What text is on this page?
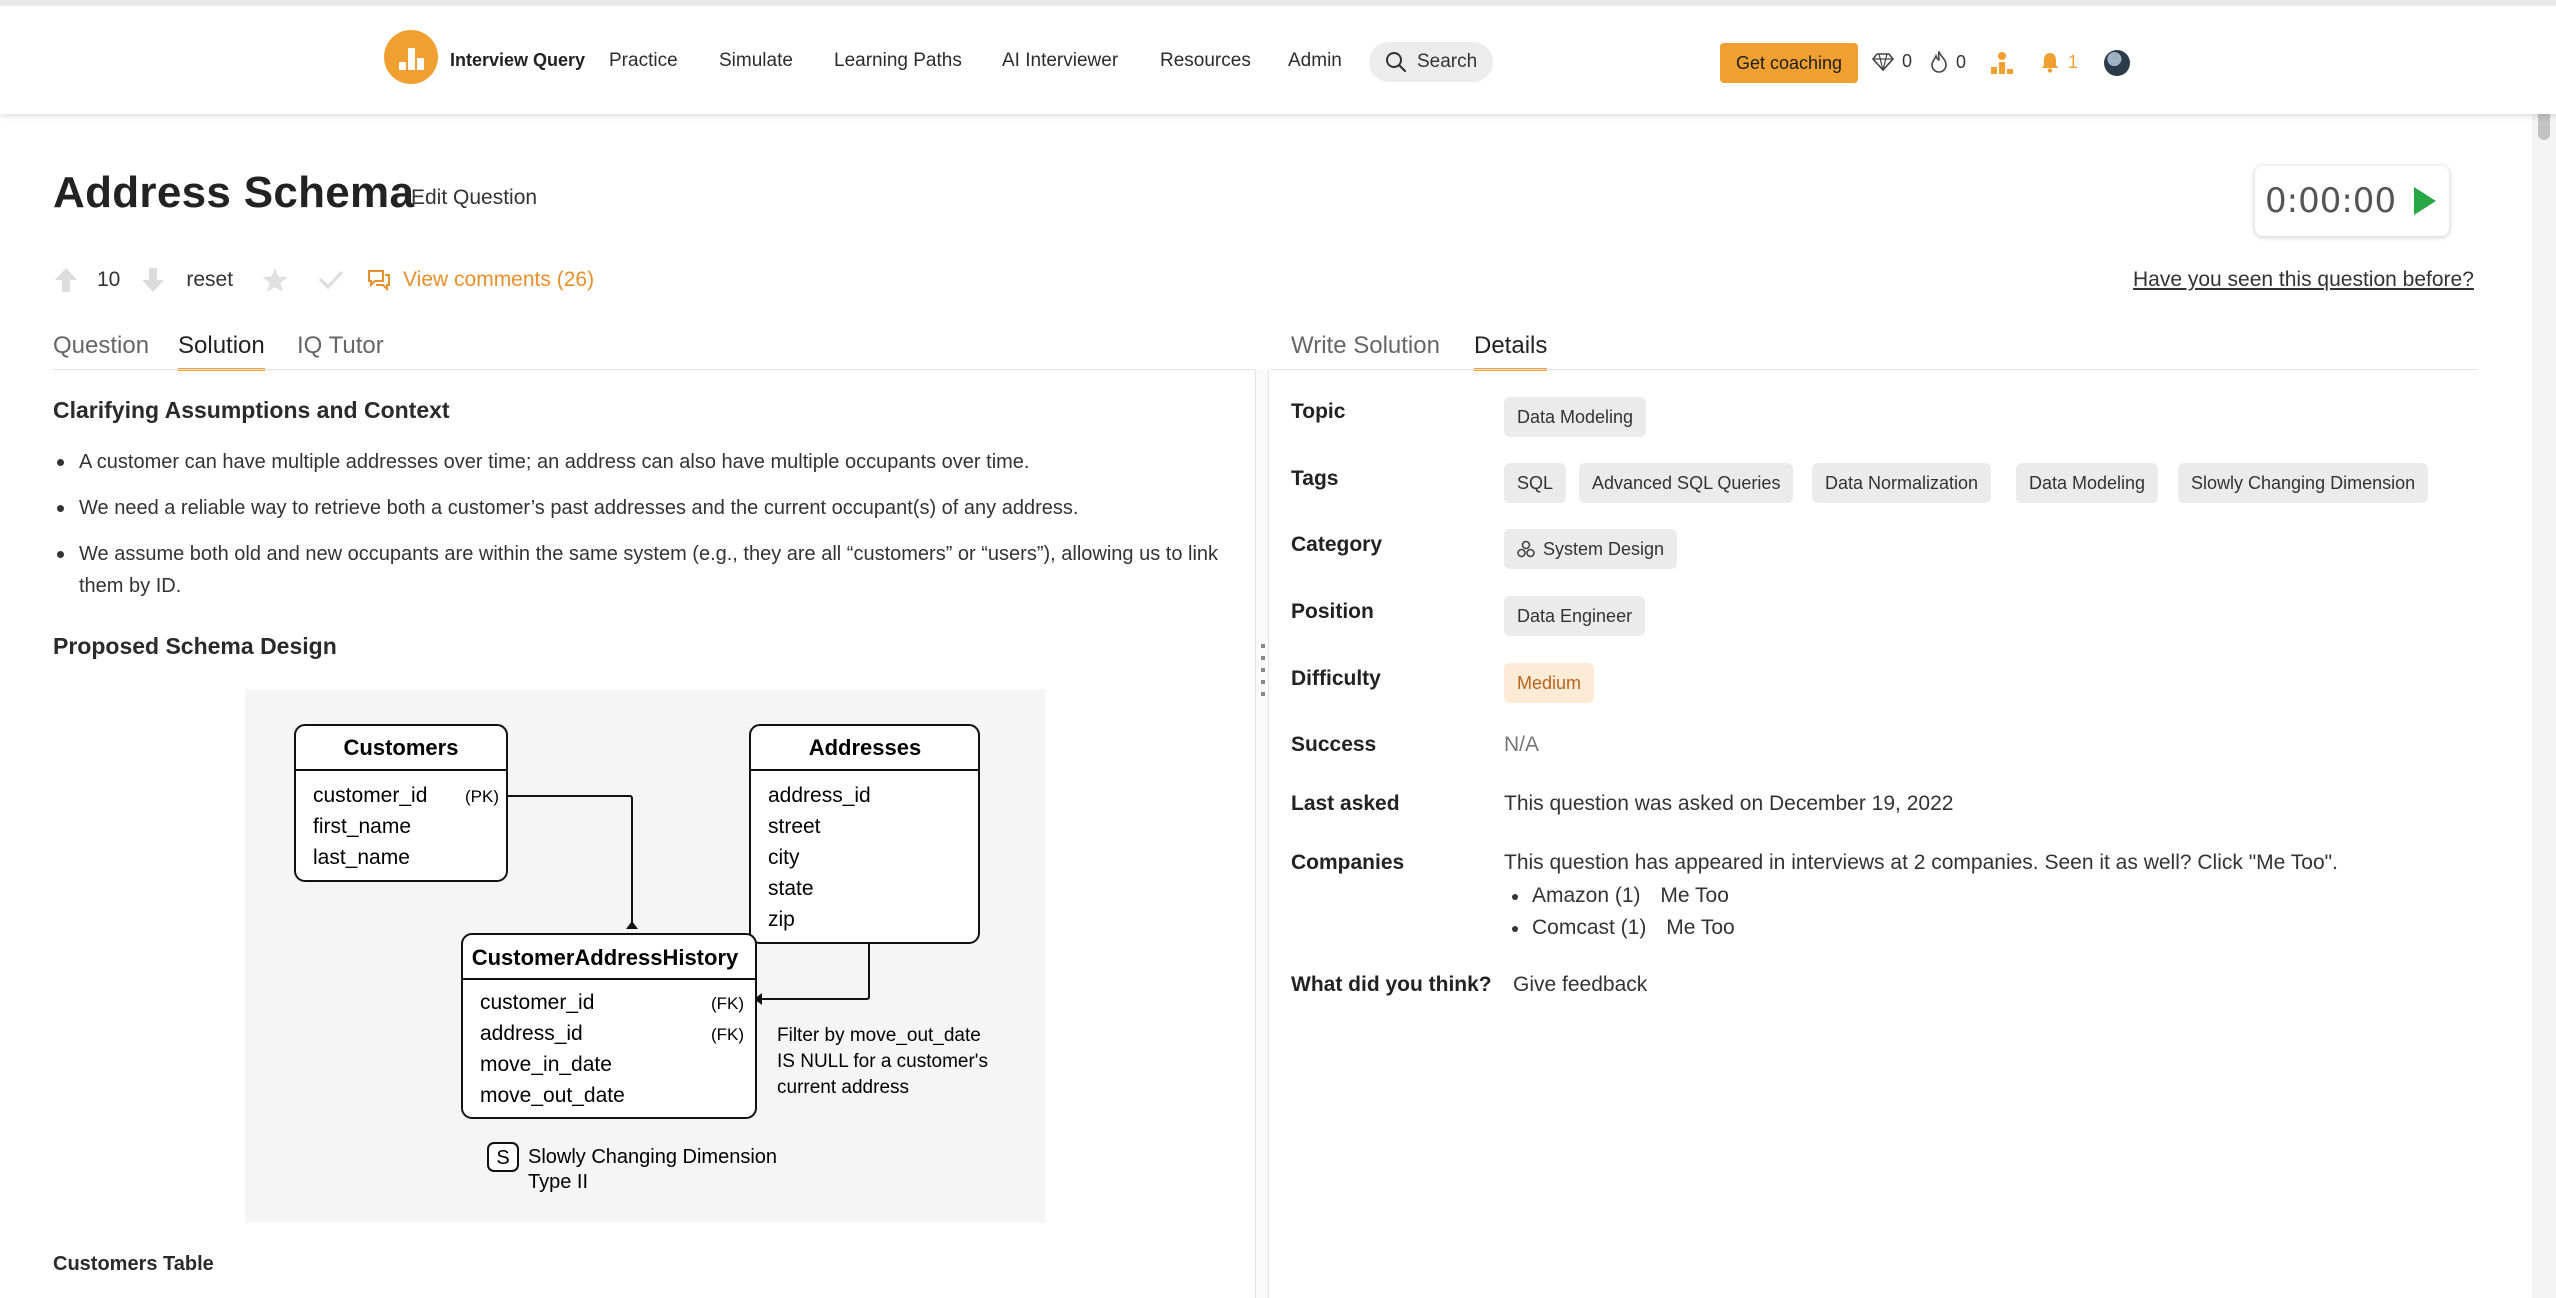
Interview Query Practice Simulate Learning Paths AI Interviewer Resources Admin	Search	Get coaching	0 0	1
Address Schema
Edit Question	0:00:00
10	reset	View comments (26)	Have you seen this question before?
Question Solution IQ Tutor	Write Solution Details
Clarifying Assumptions and Context
A customer can have multiple addresses over time; an address can also have multiple occupants over time.
We need a reliable way to retrieve both a customer’s past addresses and the current occupant(s) of any address.
We assume both old and new occupants are within the same system (e.g., they are all “customers” or “users”), allowing us to link them by ID.
Proposed Schema Design
Customers
customer_id (PK)
first_name
last_name
Addresses
address_id
street
city
state
zip
CustomerAddressHistory
customer_id	(FK)
address_id	(FK)
move_in_date
move_out_date
Filter by move_out_date
IS NULL for a customer's
current address
S Slowly Changing Dimension
Type II
Customers Table
Topic	Data Modeling
Tags	SQL	Advanced SQL Queries	Data Normalization	Data Modeling	Slowly Changing Dimension
Category	System Design
Position	Data Engineer
Difficulty	Medium
Success	N/A
Last asked	This question was asked on December 19, 2022
Companies	This question has appeared in interviews at 2 companies. Seen it as well? Click "Me Too".
Amazon (1) Me Too
Comcast (1) Me Too
What did you think? Give feedback
